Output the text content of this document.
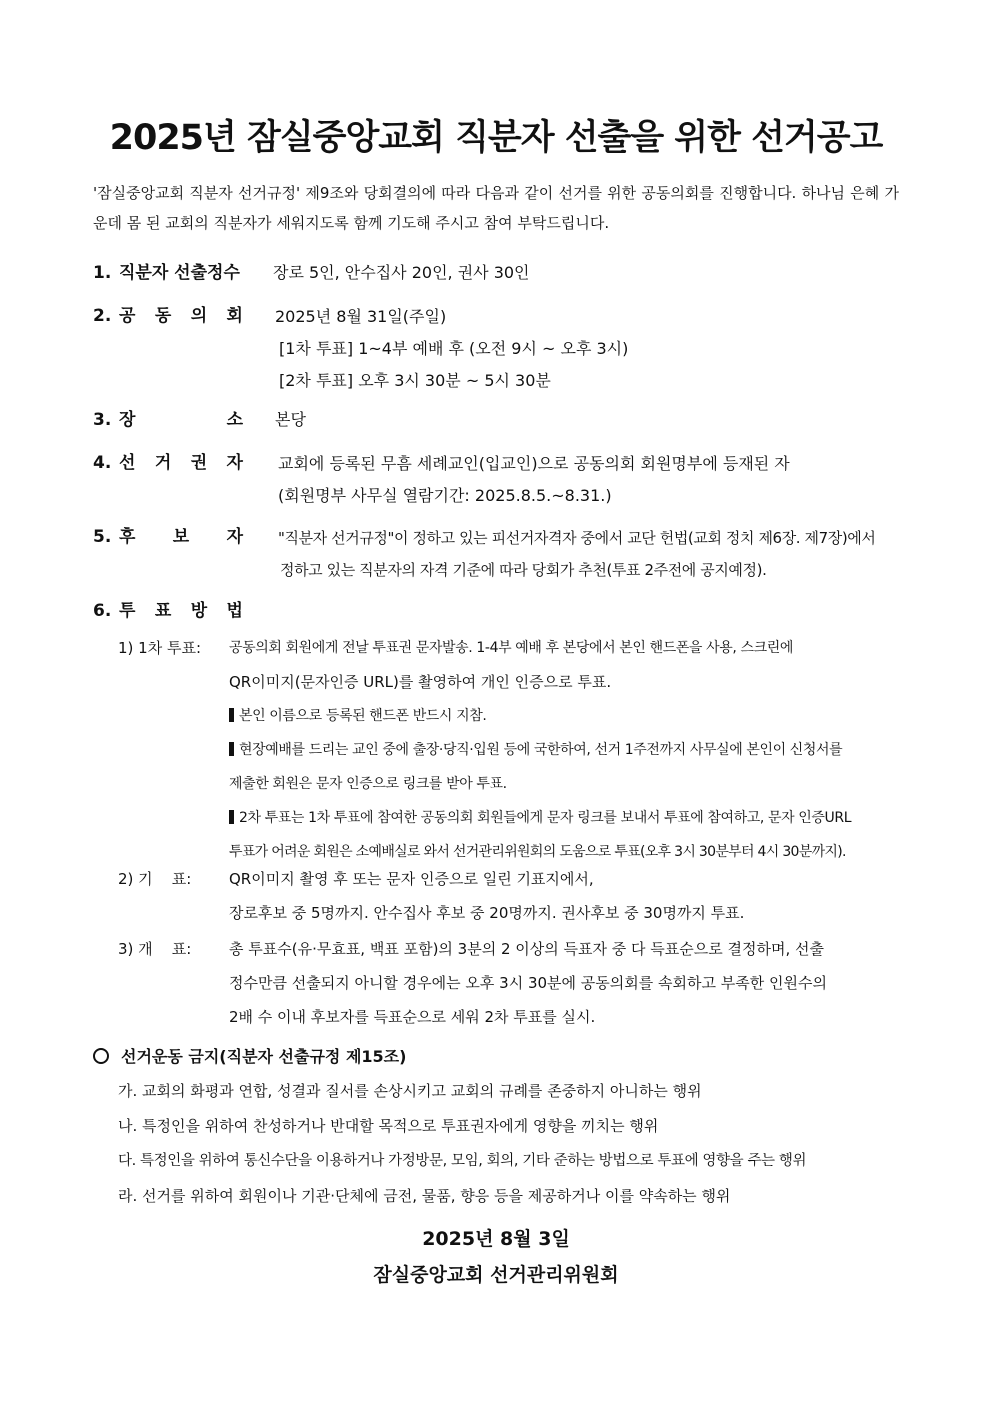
2025년 잠실중앙교회 직분자 선출을 위한 선거공고
'잠실중앙교회 직분자 선거규정' 제9조와 당회결의에 따라 다음과 같이 선거를 위한 공동의회를 진행합니다. 하나님 은혜 가운데 몸 된 교회의 직분자가 세워지도록 함께 기도해 주시고 참여 부탁드립니다.
1. 직분자 선출정수	장로 5인, 안수집사 20인, 권사 30인
2. 공 동 의 회 2025년 8월 31일(주일)
[1차 투표] 1~4부 예배 후 (오전 9시 ~ 오후 3시)
[2차 투표] 오후 3시 30분 ~ 5시 30분
3. 장	소 본당
4. 선 거 권 자 교회에 등록된 무흠 세례교인(입교인)으로 공동의회 회원명부에 등재된 자
(회원명부 사무실 열람기간: 2025.8.5.~8.31.)
5. 후 보 자 "직분자 선거규정"이 정하고 있는 피선거자격자 중에서 교단 헌법(교회 정치 제6장. 제7장)에서
정하고 있는 직분자의 자격 기준에 따라 당회가 추천(투표 2주전에 공지예정).
6. 투 표 방 법
1) 1차 투표:	공동의회 회원에게 전날 투표권 문자발송. 1-4부 예배 후 본당에서 본인 핸드폰을 사용, 스크린에
QR이미지(문자인증 URL)를 촬영하여 개인 인증으로 투표.
본인 이름으로 등록된 핸드폰 반드시 지참.
현장예배를 드리는 교인 중에 출장·당직·입원 등에 국한하여, 선거 1주전까지 사무실에 본인이 신청서를
제출한 회원은 문자 인증으로 링크를 받아 투표.
2차 투표는 1차 투표에 참여한 공동의회 회원들에게 문자 링크를 보내서 투표에 참여하고, 문자 인증URL
투표가 어려운 회원은 소예배실로 와서 선거관리위원회의 도움으로 투표(오후 3시 30분부터 4시 30분까지).
2) 기    표:	QR이미지 촬영 후 또는 문자 인증으로 일린 기표지에서,
장로후보 중 5명까지. 안수집사 후보 중 20명까지. 권사후보 중 30명까지 투표.
3) 개    표:	총 투표수(유·무효표, 백표 포함)의 3분의 2 이상의 득표자 중 다 득표순으로 결정하며, 선출
정수만큼 선출되지 아니할 경우에는 오후 3시 30분에 공동의회를 속회하고 부족한 인원수의
2배 수 이내 후보자를 득표순으로 세워 2차 투표를 실시.
선거운동 금지(직분자 선출규정 제15조)
가. 교회의 화평과 연합, 성결과 질서를 손상시키고 교회의 규례를 존중하지 아니하는 행위
나. 특정인을 위하여 찬성하거나 반대할 목적으로 투표권자에게 영향을 끼치는 행위
다. 특정인을 위하여 통신수단을 이용하거나 가정방문, 모임, 회의, 기타 준하는 방법으로 투표에 영향을 주는 행위
라. 선거를 위하여 회원이나 기관·단체에 금전, 물품, 향응 등을 제공하거나 이를 약속하는 행위
2025년 8월 3일
잠실중앙교회 선거관리위원회
